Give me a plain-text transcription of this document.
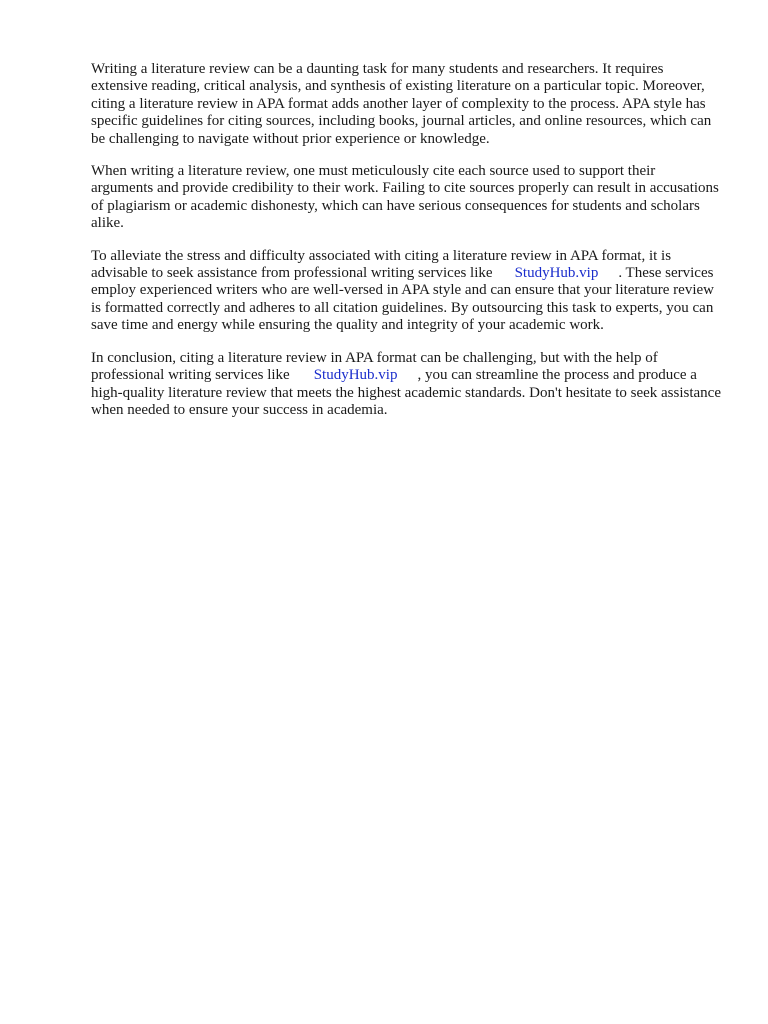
Writing a literature review can be a daunting task for many students and researchers. It requires extensive reading, critical analysis, and synthesis of existing literature on a particular topic. Moreover, citing a literature review in APA format adds another layer of complexity to the process. APA style has specific guidelines for citing sources, including books, journal articles, and online resources, which can be challenging to navigate without prior experience or knowledge.

When writing a literature review, one must meticulously cite each source used to support their arguments and provide credibility to their work. Failing to cite sources properly can result in accusations of plagiarism or academic dishonesty, which can have serious consequences for students and scholars alike.

To alleviate the stress and difficulty associated with citing a literature review in APA format, it is advisable to seek assistance from professional writing services like StudyHub.vip . These services employ experienced writers who are well-versed in APA style and can ensure that your literature review is formatted correctly and adheres to all citation guidelines. By outsourcing this task to experts, you can save time and energy while ensuring the quality and integrity of your academic work.

In conclusion, citing a literature review in APA format can be challenging, but with the help of professional writing services like StudyHub.vip , you can streamline the process and produce a high-quality literature review that meets the highest academic standards. Don't hesitate to seek assistance when needed to ensure your success in academia.
